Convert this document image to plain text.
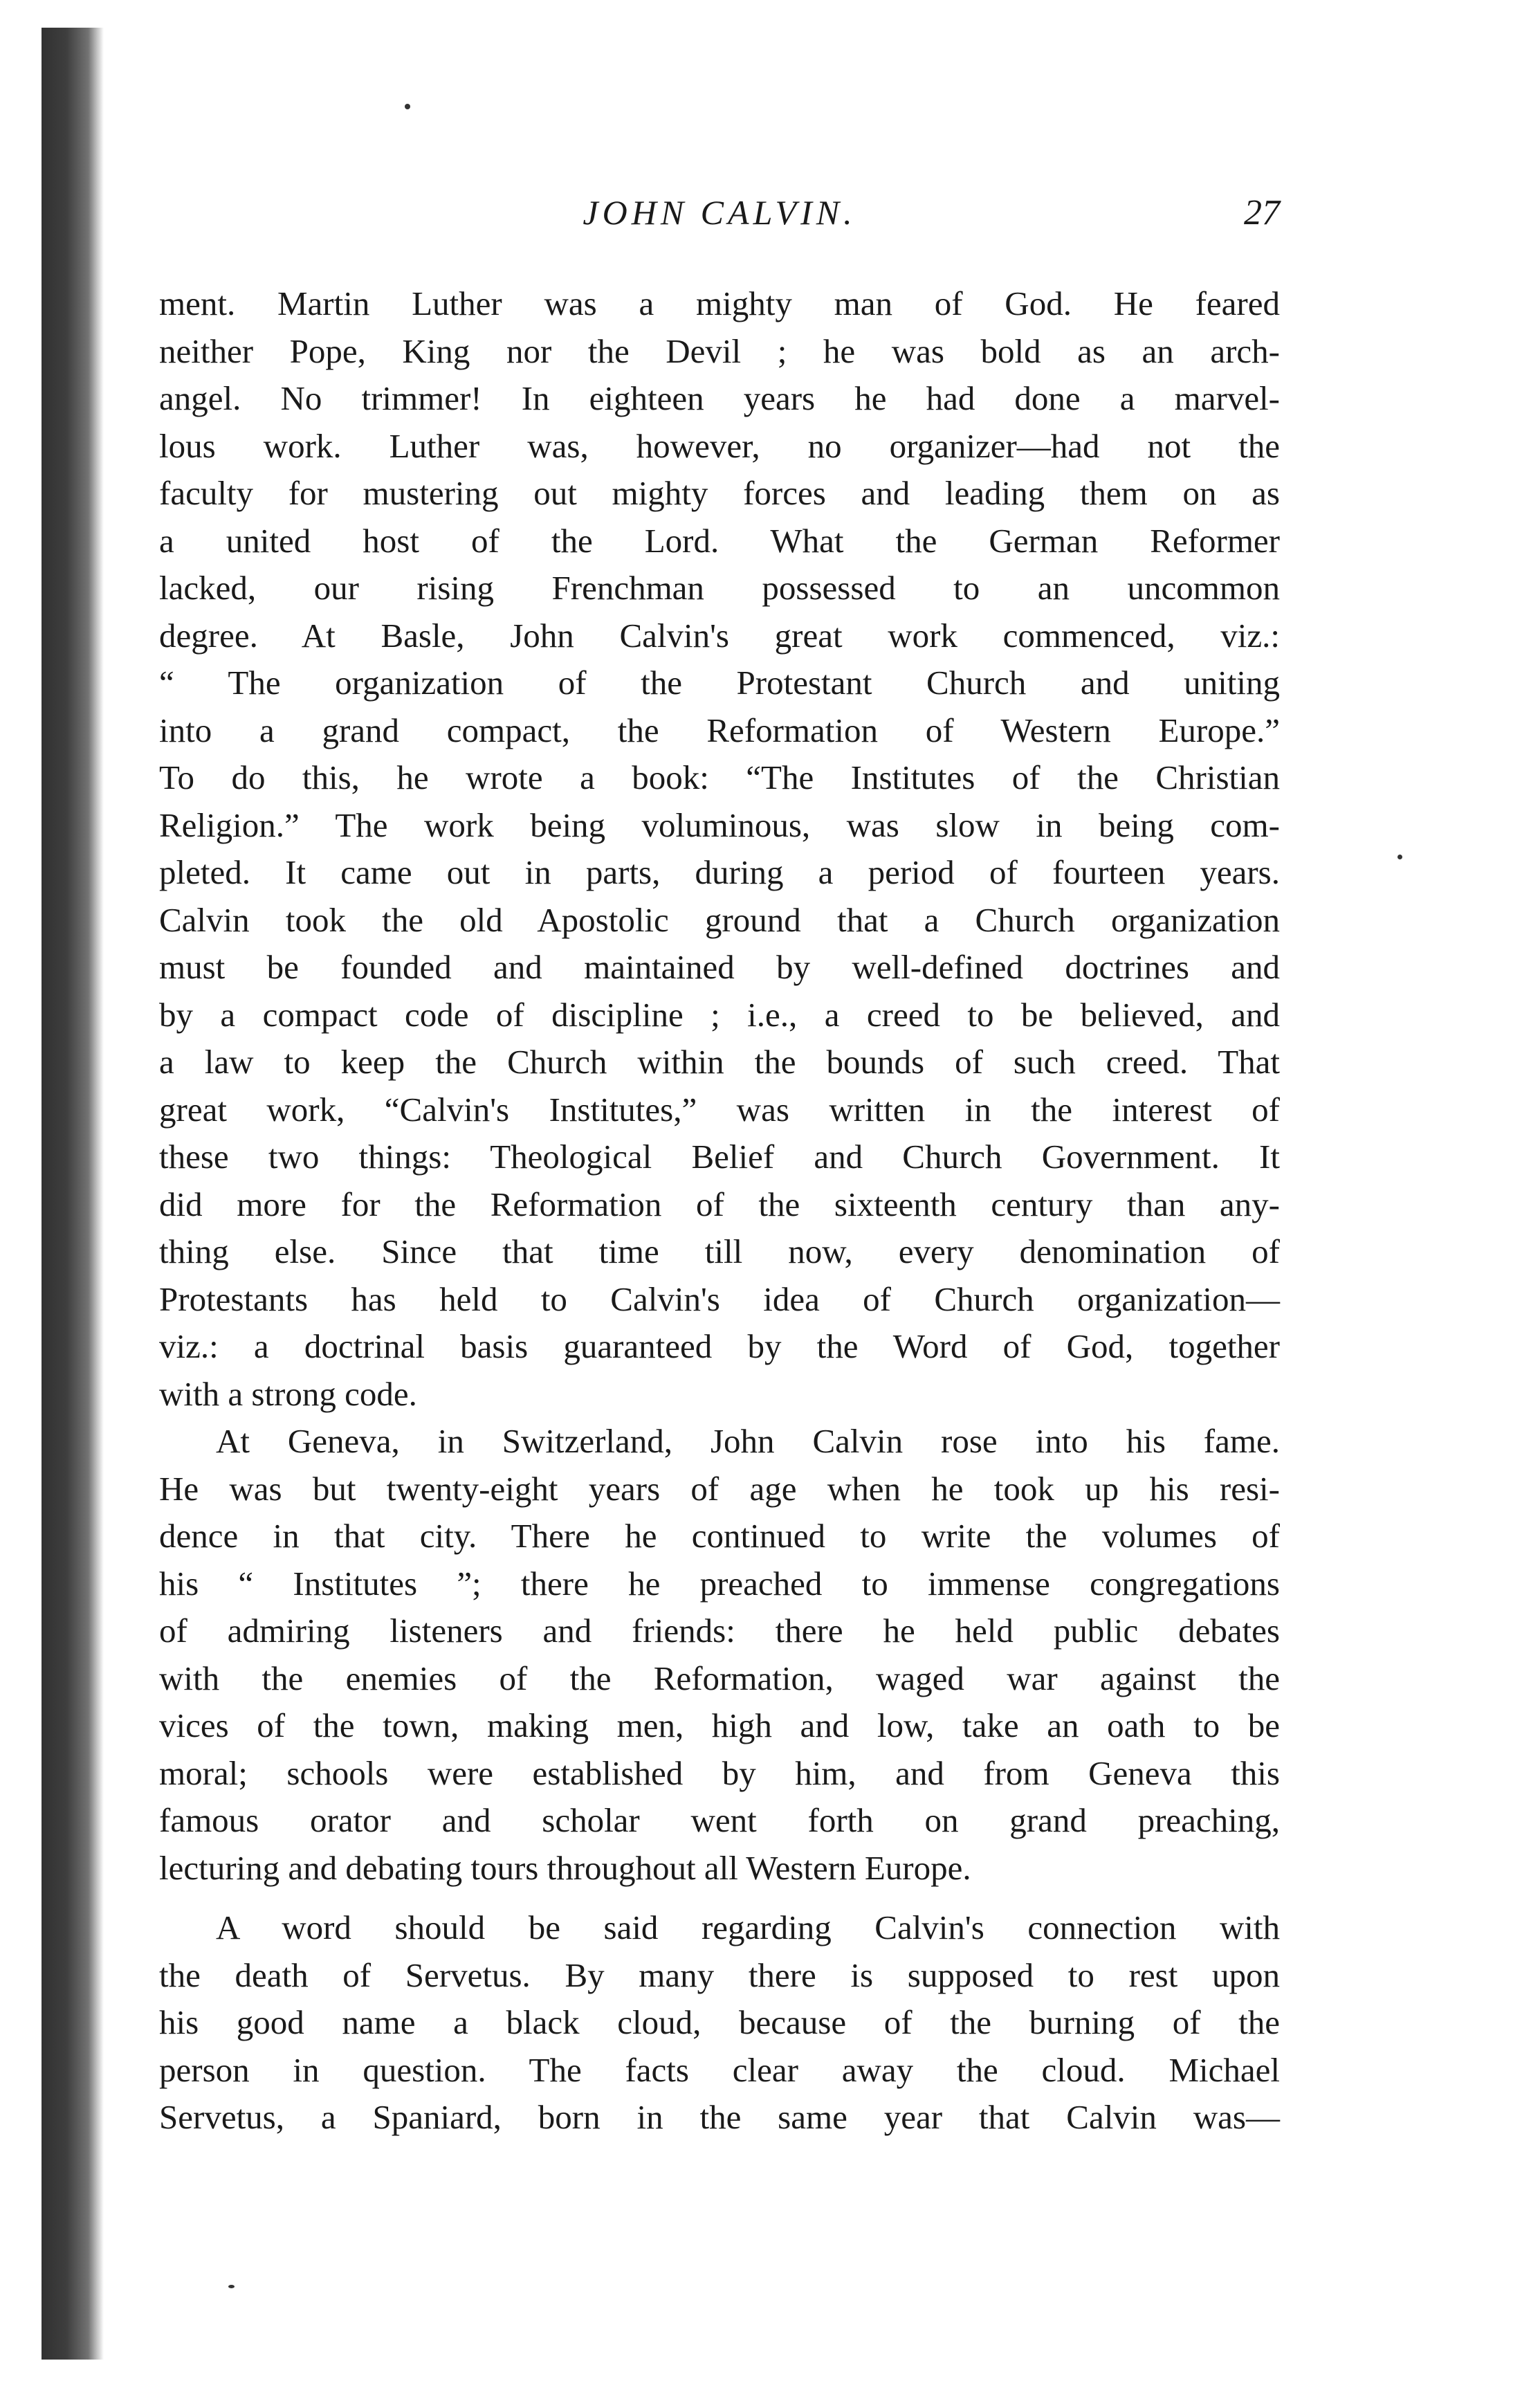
JOHN CALVIN.	27

ment. Martin Luther was a mighty man of God. He feared
neither Pope, King nor the Devil ; he was bold as an arch-
angel. No trimmer! In eighteen years he had done a marvel-
lous work. Luther was, however, no organizer—had not the
faculty for mustering out mighty forces and leading them on as
a united host of the Lord. What the German Reformer
lacked, our rising Frenchman possessed to an uncommon
degree. At Basle, John Calvin's great work commenced, viz.:
“ The organization of the Protestant Church and uniting
into a grand compact, the Reformation of Western Europe.”
To do this, he wrote a book: “The Institutes of the Christian
Religion.” The work being voluminous, was slow in being com-
pleted. It came out in parts, during a period of fourteen years.
Calvin took the old Apostolic ground that a Church organization
must be founded and maintained by well-defined doctrines and
by a compact code of discipline ; i.e., a creed to be believed, and
a law to keep the Church within the bounds of such creed. That
great work, “Calvin's Institutes,” was written in the interest of
these two things: Theological Belief and Church Government. It
did more for the Reformation of the sixteenth century than any-
thing else. Since that time till now, every denomination of
Protestants has held to Calvin's idea of Church organization—
viz.: a doctrinal basis guaranteed by the Word of God, together
with a strong code.

At Geneva, in Switzerland, John Calvin rose into his fame.
He was but twenty-eight years of age when he took up his resi-
dence in that city. There he continued to write the volumes of
his “ Institutes ”; there he preached to immense congregations
of admiring listeners and friends: there he held public debates
with the enemies of the Reformation, waged war against the
vices of the town, making men, high and low, take an oath to be
moral; schools were established by him, and from Geneva this
famous orator and scholar went forth on grand preaching,
lecturing and debating tours throughout all Western Europe.

A word should be said regarding Calvin's connection with
the death of Servetus. By many there is supposed to rest upon
his good name a black cloud, because of the burning of the
person in question. The facts clear away the cloud. Michael
Servetus, a Spaniard, born in the same year that Calvin was—
